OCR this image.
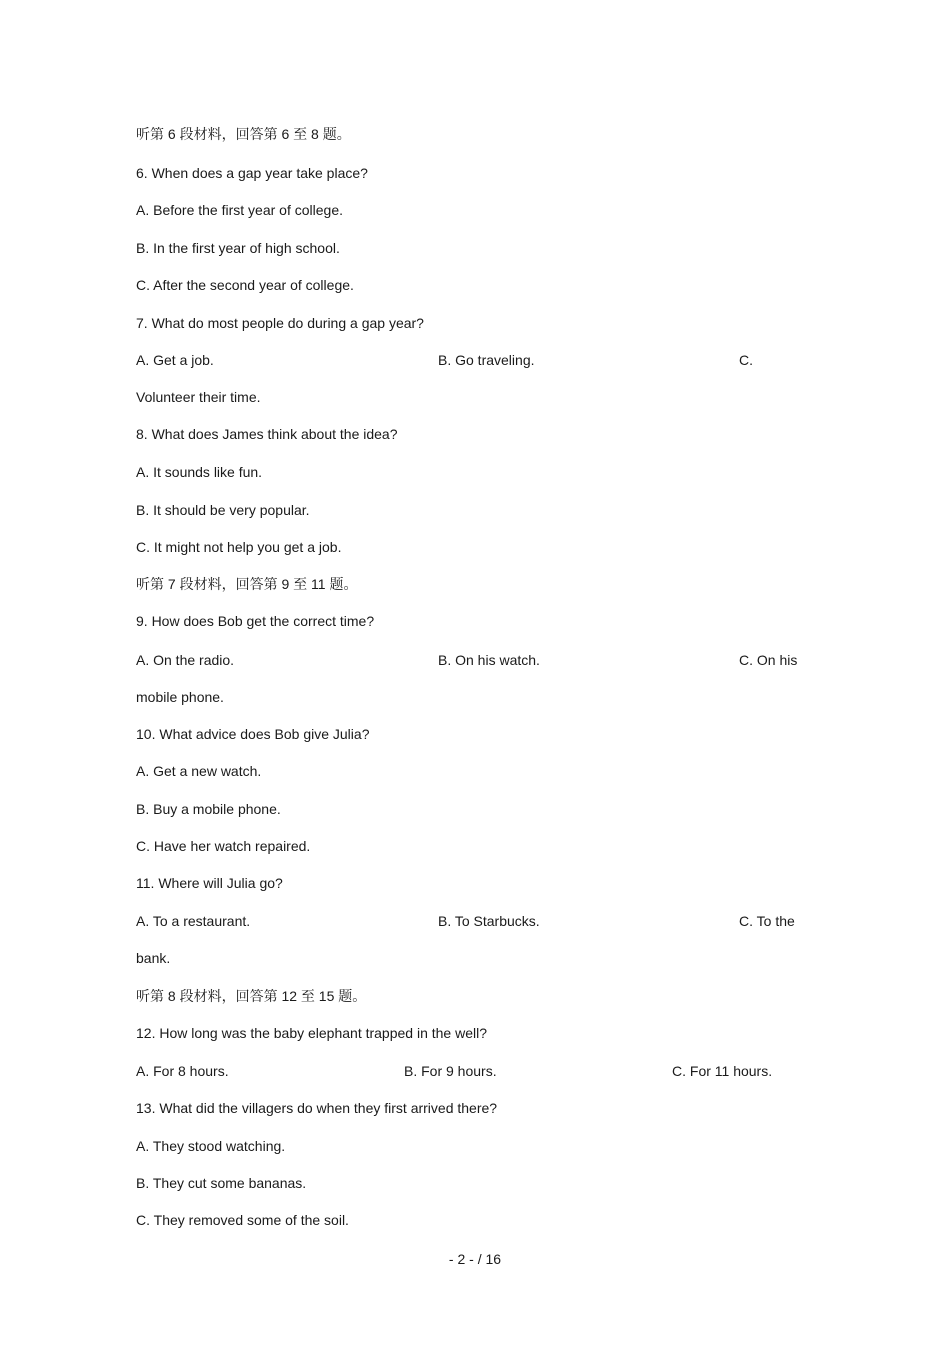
听第 6 段材料，回答第 6 至 8 题。
6. When does a gap year take place?
A. Before the first year of college.
B. In the first year of high school.
C. After the second year of college.
7. What do most people do during a gap year?
A. Get a job.	B. Go traveling.	C.
Volunteer their time.
8. What does James think about the idea?
A. It sounds like fun.
B. It should be very popular.
C. It might not help you get a job.
听第 7 段材料，回答第 9 至 11 题。
9. How does Bob get the correct time?
A. On the radio.	B. On his watch.	C. On his
mobile phone.
10. What advice does Bob give Julia?
A. Get a new watch.
B. Buy a mobile phone.
C. Have her watch repaired.
11. Where will Julia go?
A. To a restaurant.	B. To Starbucks.	C. To the
bank.
听第 8 段材料，回答第 12 至 15 题。
12. How long was the baby elephant trapped in the well?
A. For 8 hours.	B. For 9 hours.	C. For 11 hours.
13. What did the villagers do when they first arrived there?
A. They stood watching.
B. They cut some bananas.
C. They removed some of the soil.
- 2 - / 16
